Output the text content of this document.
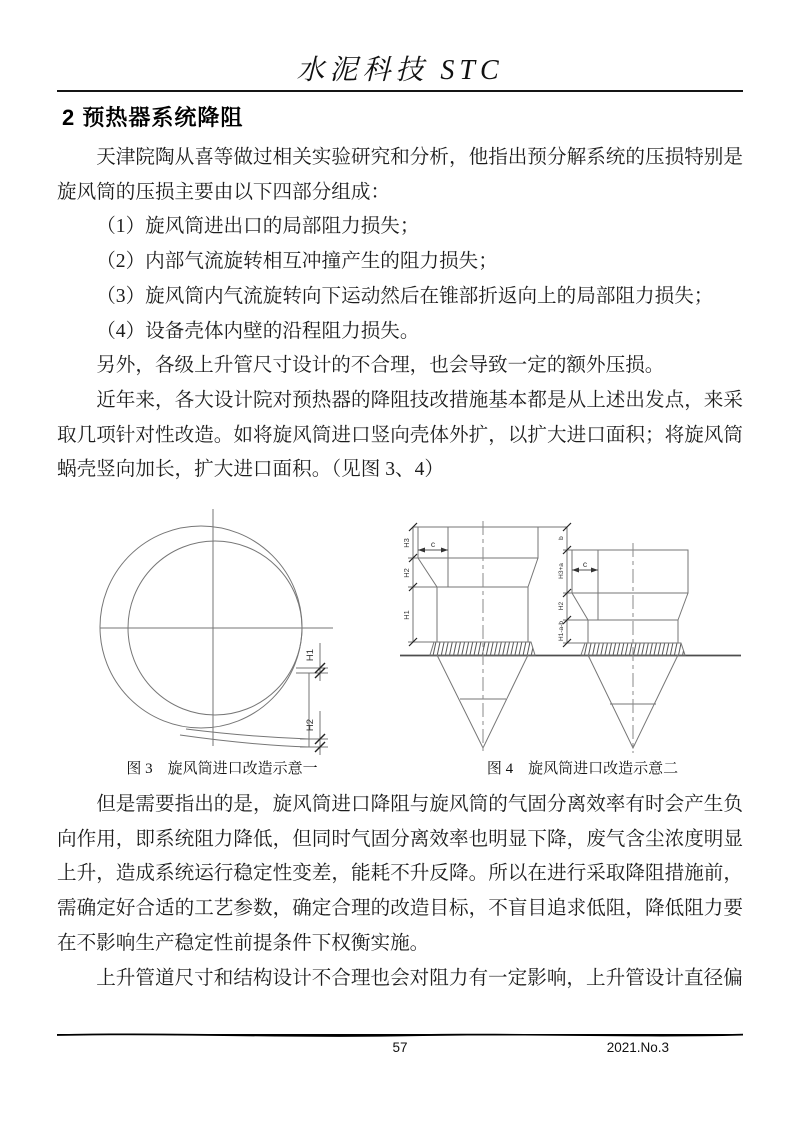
水泥科技 STC
2 预热器系统降阻

天津院陶从喜等做过相关实验研究和分析，他指出预分解系统的压损特别是旋风筒的压损主要由以下四部分组成：

（1）旋风筒进出口的局部阻力损失；

（2）内部气流旋转相互冲撞产生的阻力损失；

（3）旋风筒内气流旋转向下运动然后在锥部折返向上的局部阻力损失；

（4）设备壳体内壁的沿程阻力损失。

另外，各级上升管尺寸设计的不合理，也会导致一定的额外压损。

近年来，各大设计院对预热器的降阻技改措施基本都是从上述出发点，来采取几项针对性改造。如将旋风筒进口竖向壳体外扩，以扩大进口面积；将旋风筒蜗壳竖向加长，扩大进口面积。（见图 3、4）

H1
H2
H3
H2
H1
c
b
H3+a
H2
H1-a-b
c
图 3　旋风筒进口改造示意一	图 4　旋风筒进口改造示意二

但是需要指出的是，旋风筒进口降阻与旋风筒的气固分离效率有时会产生负向作用，即系统阻力降低，但同时气固分离效率也明显下降，废气含尘浓度明显上升，造成系统运行稳定性变差，能耗不升反降。所以在进行采取降阻措施前，需确定好合适的工艺参数，确定合理的改造目标，不盲目追求低阻，降低阻力要在不影响生产稳定性前提条件下权衡实施。

上升管道尺寸和结构设计不合理也会对阻力有一定影响，上升管设计直径偏

57	2021.No.3
